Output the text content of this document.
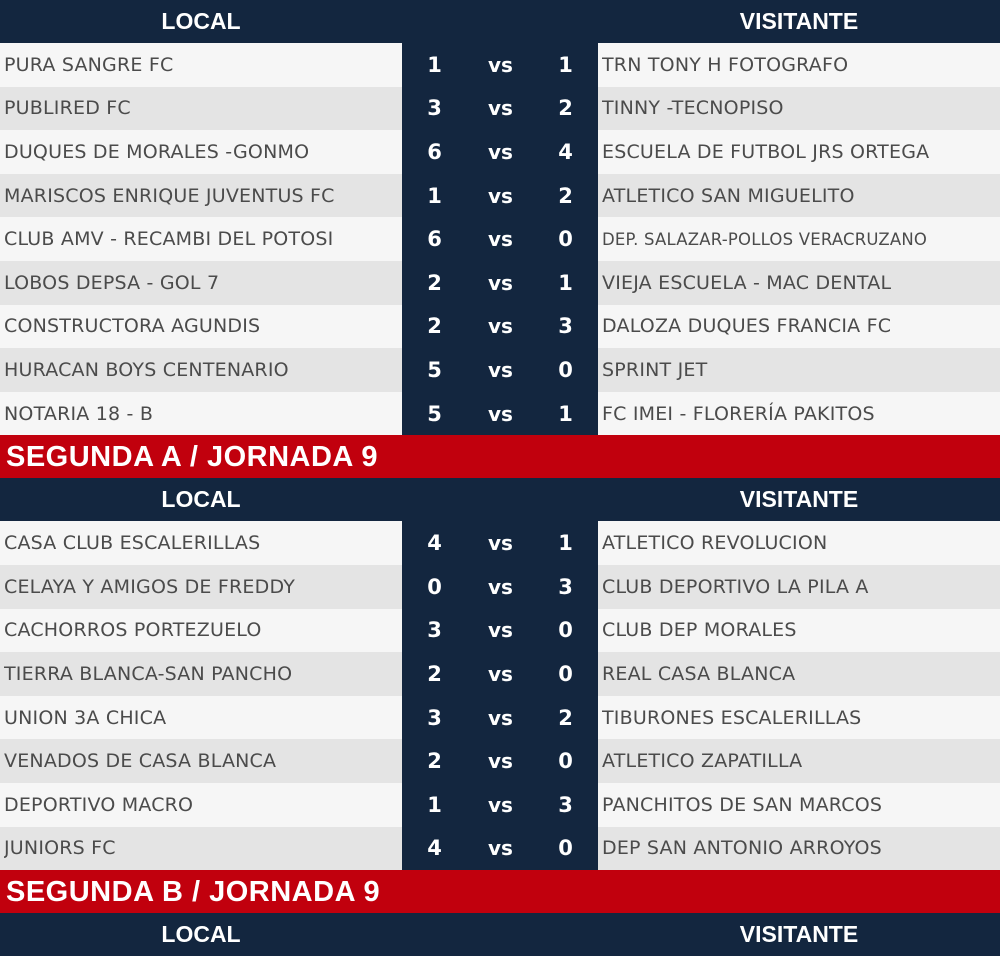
LOCAL	VISITANTE
PURA SANGRE FC	1	vs	1	TRN TONY H FOTOGRAFO
PUBLIRED FC	3	vs	2	TINNY -TECNOPISO
DUQUES DE MORALES -GONMO	6	vs	4	ESCUELA DE FUTBOL JRS ORTEGA
MARISCOS ENRIQUE JUVENTUS FC	1	vs	2	ATLETICO SAN MIGUELITO
CLUB AMV - RECAMBI DEL POTOSI	6	vs	0	DEP. SALAZAR-POLLOS VERACRUZANO
LOBOS DEPSA - GOL 7	2	vs	1	VIEJA ESCUELA - MAC DENTAL
CONSTRUCTORA AGUNDIS	2	vs	3	DALOZA DUQUES FRANCIA FC
HURACAN BOYS CENTENARIO	5	vs	0	SPRINT JET
NOTARIA 18 - B	5	vs	1	FC IMEI - FLORERÍA PAKITOS
SEGUNDA A / JORNADA 9
LOCAL	VISITANTE
CASA CLUB ESCALERILLAS	4	vs	1	ATLETICO REVOLUCION
CELAYA Y AMIGOS DE FREDDY	0	vs	3	CLUB DEPORTIVO LA PILA A
CACHORROS PORTEZUELO	3	vs	0	CLUB DEP MORALES
TIERRA BLANCA-SAN PANCHO	2	vs	0	REAL CASA BLANCA
UNION 3A CHICA	3	vs	2	TIBURONES ESCALERILLAS
VENADOS DE CASA BLANCA	2	vs	0	ATLETICO ZAPATILLA
DEPORTIVO MACRO	1	vs	3	PANCHITOS DE SAN MARCOS
JUNIORS FC	4	vs	0	DEP SAN ANTONIO ARROYOS
SEGUNDA B / JORNADA 9
LOCAL	VISITANTE
